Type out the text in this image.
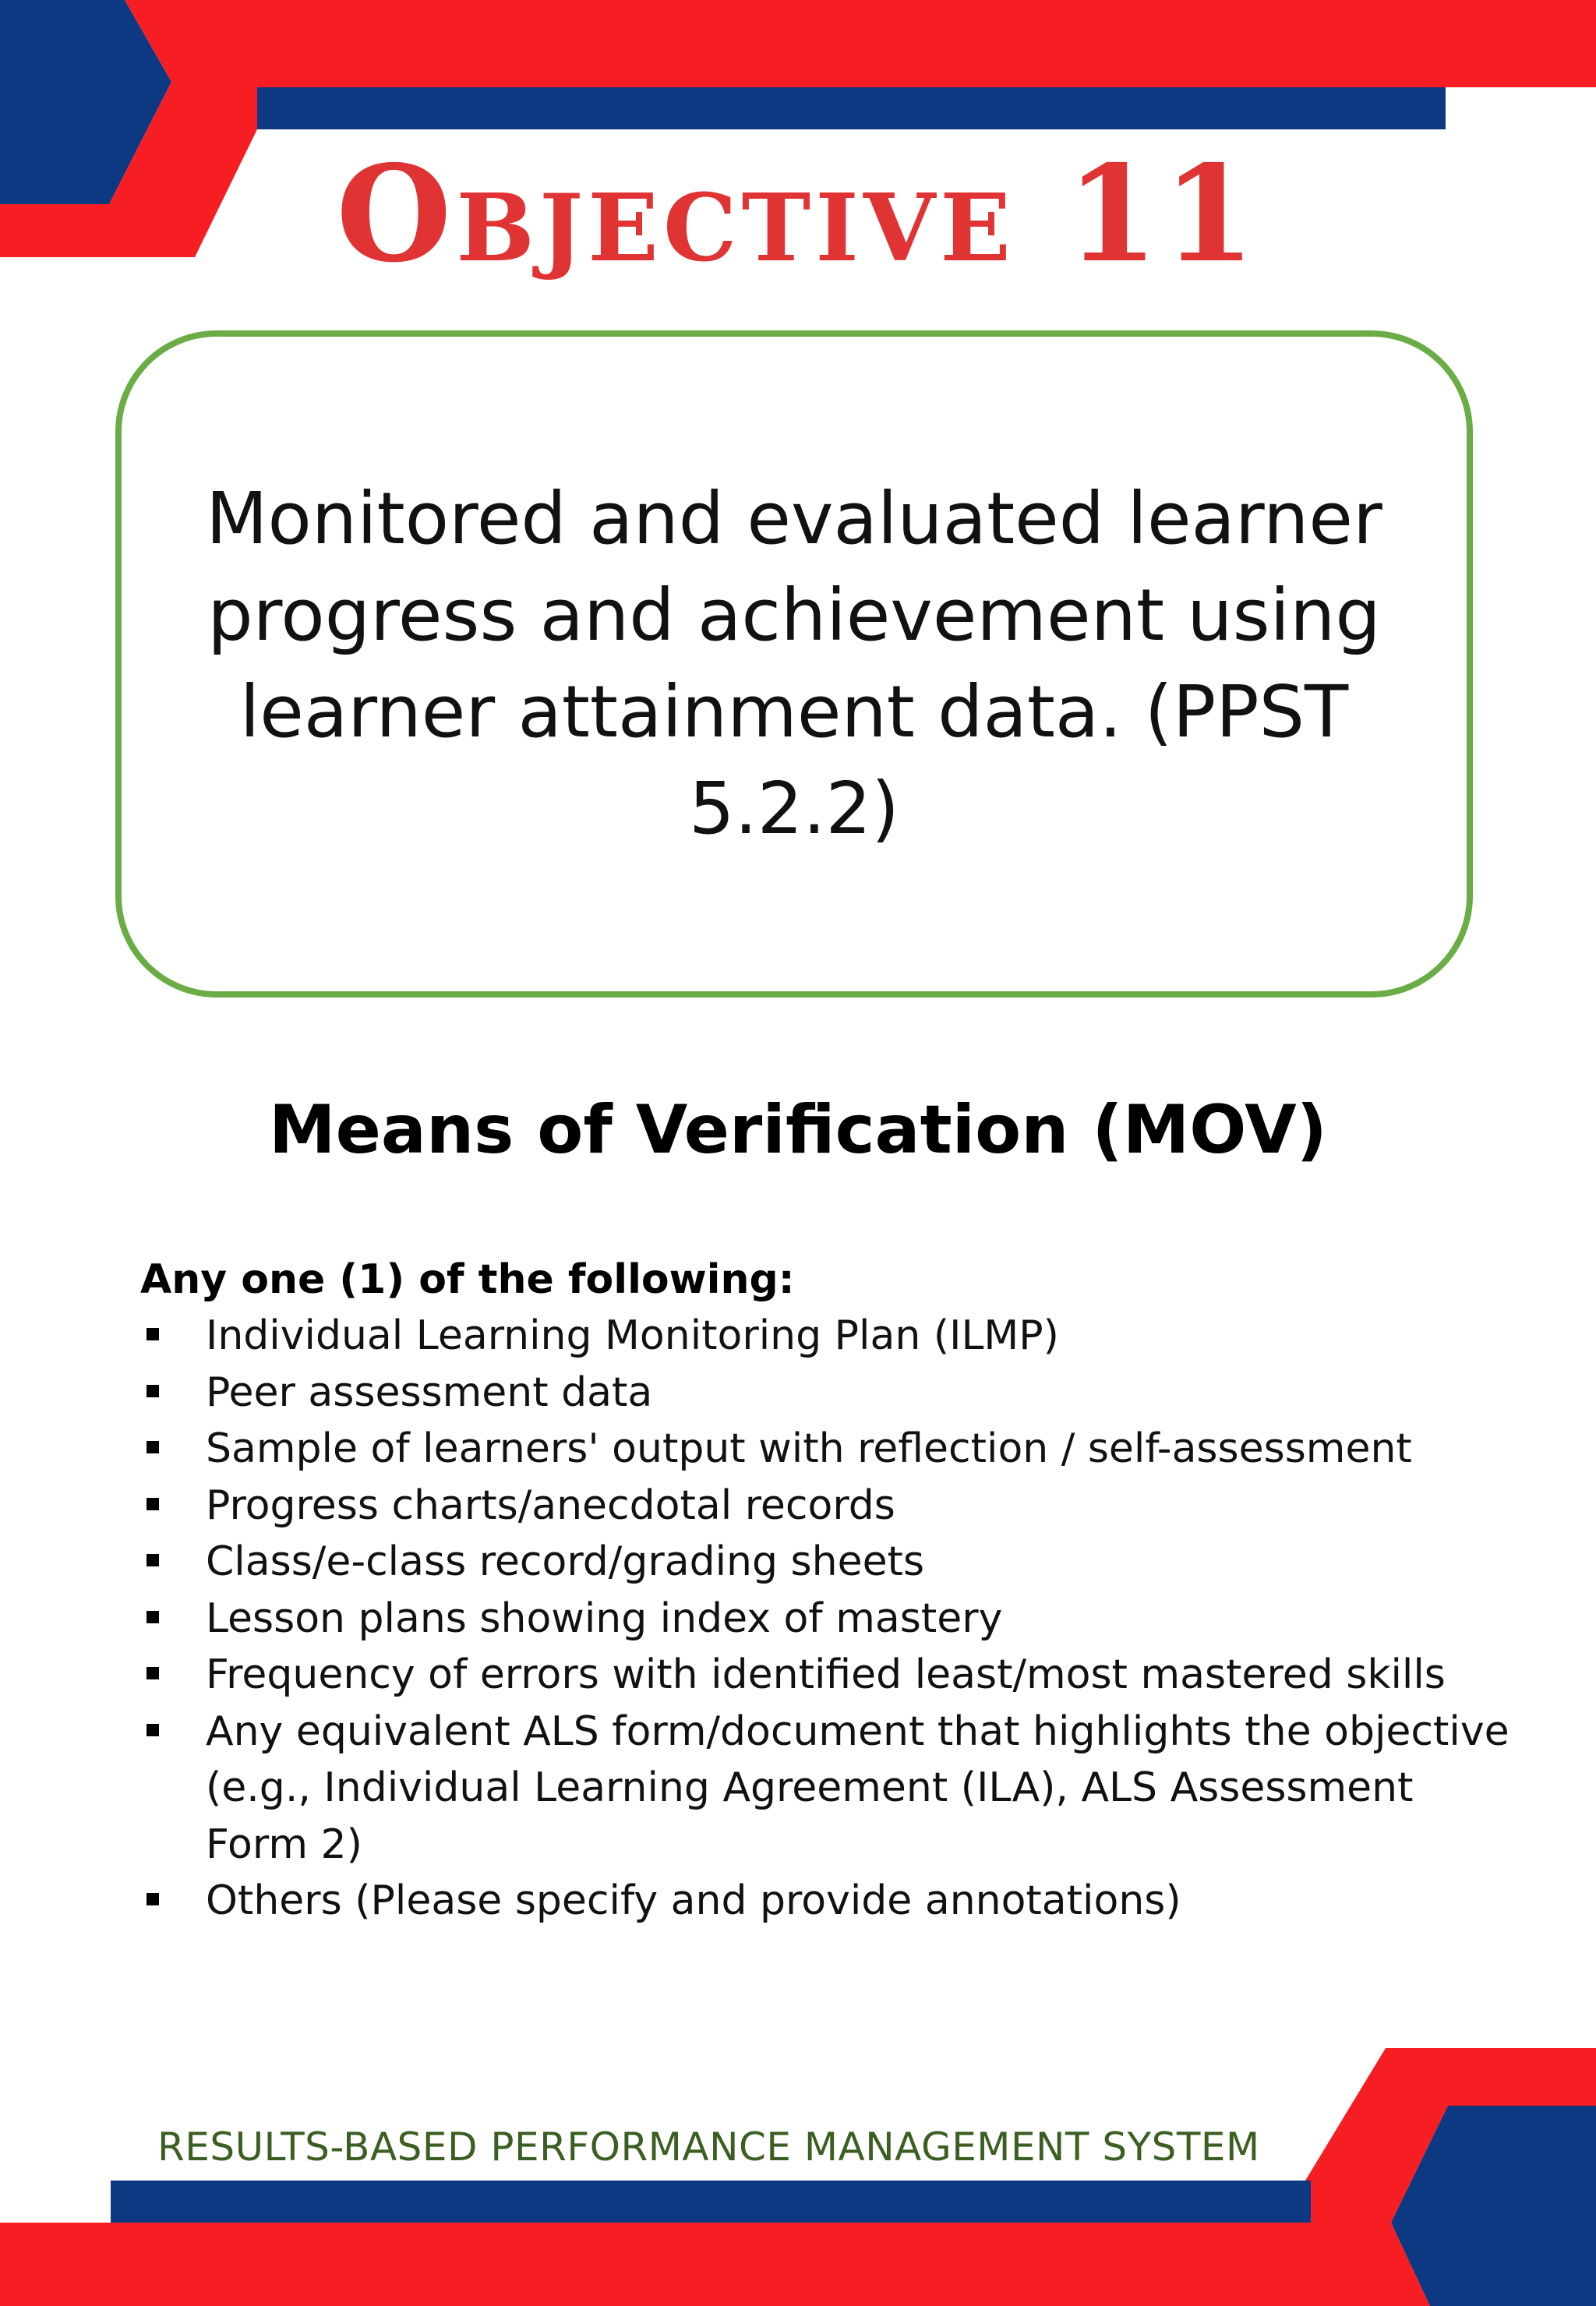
Objective 11

Monitored and evaluated learner progress and achievement using learner attainment data. (PPST 5.2.2)

Means of Verification (MOV)

Any one (1) of the following:

Individual Learning Monitoring Plan (ILMP)
Peer assessment data
Sample of learners' output with reflection / self-assessment
Progress charts/anecdotal records
Class/e-class record/grading sheets
Lesson plans showing index of mastery
Frequency of errors with identified least/most mastered skills
Any equivalent ALS form/document that highlights the objective (e.g., Individual Learning Agreement (ILA), ALS Assessment Form 2)
Others (Please specify and provide annotations)

RESULTS-BASED PERFORMANCE MANAGEMENT SYSTEM
